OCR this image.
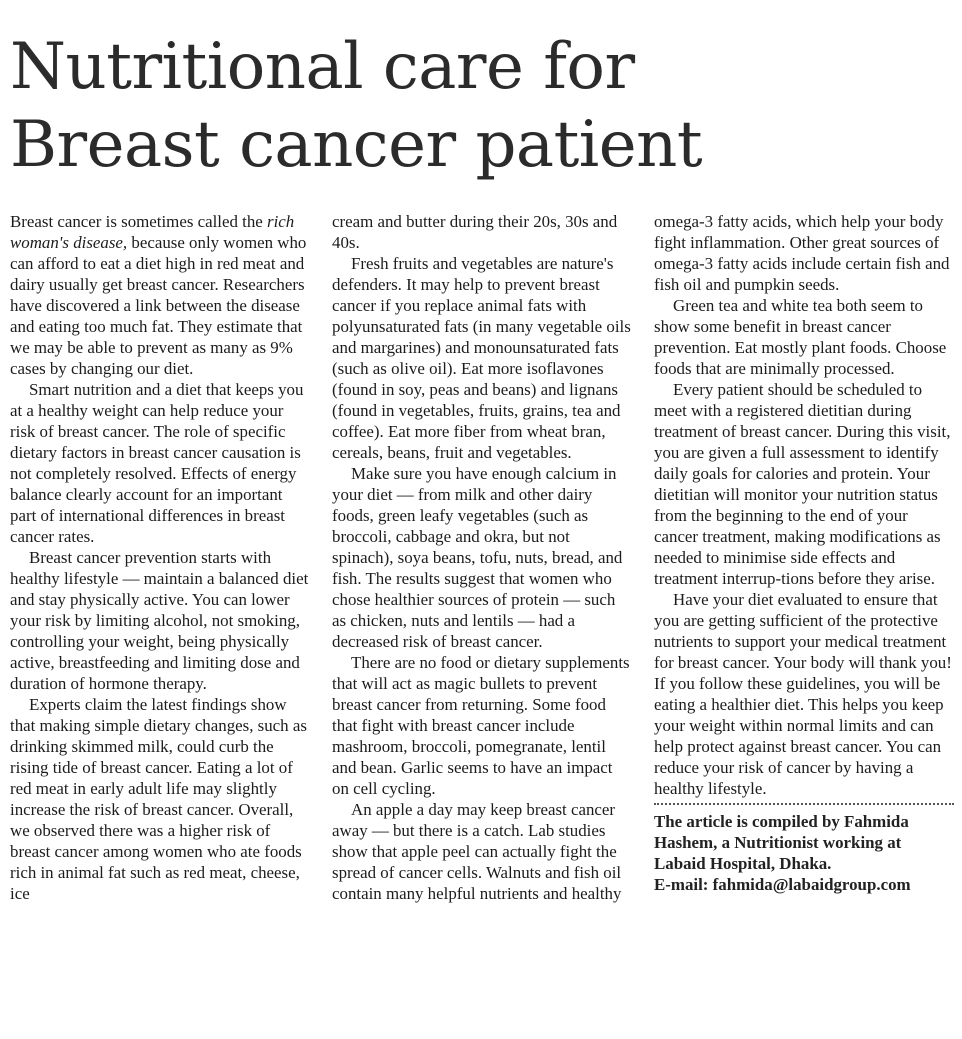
Nutritional care for
Breast cancer patient

Breast cancer is sometimes called the rich woman's disease, because only women who can afford to eat a diet high in red meat and dairy usually get breast cancer. Researchers have discovered a link between the disease and eating too much fat. They estimate that we may be able to prevent as many as 9% cases by changing our diet.

Smart nutrition and a diet that keeps you at a healthy weight can help reduce your risk of breast cancer. The role of specific dietary factors in breast cancer causation is not completely resolved. Effects of energy balance clearly account for an important part of international differences in breast cancer rates.

Breast cancer prevention starts with healthy lifestyle — maintain a balanced diet and stay physically active. You can lower your risk by limiting alcohol, not smoking, controlling your weight, being physically active, breastfeeding and limiting dose and duration of hormone therapy.

Experts claim the latest findings show that making simple dietary changes, such as drinking skimmed milk, could curb the rising tide of breast cancer. Eating a lot of red meat in early adult life may slightly increase the risk of breast cancer. Overall, we observed there was a higher risk of breast cancer among women who ate foods rich in animal fat such as red meat, cheese, ice

cream and butter during their 20s, 30s and 40s.

Fresh fruits and vegetables are nature's defenders. It may help to prevent breast cancer if you replace animal fats with polyunsaturated fats (in many vegetable oils and margarines) and monounsaturated fats (such as olive oil). Eat more isoflavones (found in soy, peas and beans) and lignans (found in vegetables, fruits, grains, tea and coffee). Eat more fiber from wheat bran, cereals, beans, fruit and vegetables.

Make sure you have enough calcium in your diet — from milk and other dairy foods, green leafy vegetables (such as broccoli, cabbage and okra, but not spinach), soya beans, tofu, nuts, bread, and fish. The results suggest that women who chose healthier sources of protein — such as chicken, nuts and lentils — had a decreased risk of breast cancer.

There are no food or dietary supplements that will act as magic bullets to prevent breast cancer from returning. Some food that fight with breast cancer include mashroom, broccoli, pomegranate, lentil and bean. Garlic seems to have an impact on cell cycling.

An apple a day may keep breast cancer away — but there is a catch. Lab studies show that apple peel can actually fight the spread of cancer cells. Walnuts and fish oil contain many helpful nutrients and healthy

omega-3 fatty acids, which help your body fight inflammation. Other great sources of omega-3 fatty acids include certain fish and fish oil and pumpkin seeds.

Green tea and white tea both seem to show some benefit in breast cancer prevention. Eat mostly plant foods. Choose foods that are minimally processed.

Every patient should be scheduled to meet with a registered dietitian during treatment of breast cancer. During this visit, you are given a full assessment to identify daily goals for calories and protein. Your dietitian will monitor your nutrition status from the beginning to the end of your cancer treatment, making modifications as needed to minimise side effects and treatment interrup-tions before they arise.

Have your diet evaluated to ensure that you are getting sufficient of the protective nutrients to support your medical treatment for breast cancer. Your body will thank you! If you follow these guidelines, you will be eating a healthier diet. This helps you keep your weight within normal limits and can help protect against breast cancer. You can reduce your risk of cancer by having a healthy lifestyle.

The article is compiled by Fahmida
Hashem, a Nutritionist working at
Labaid Hospital, Dhaka.
E-mail: fahmida@labaidgroup.com
